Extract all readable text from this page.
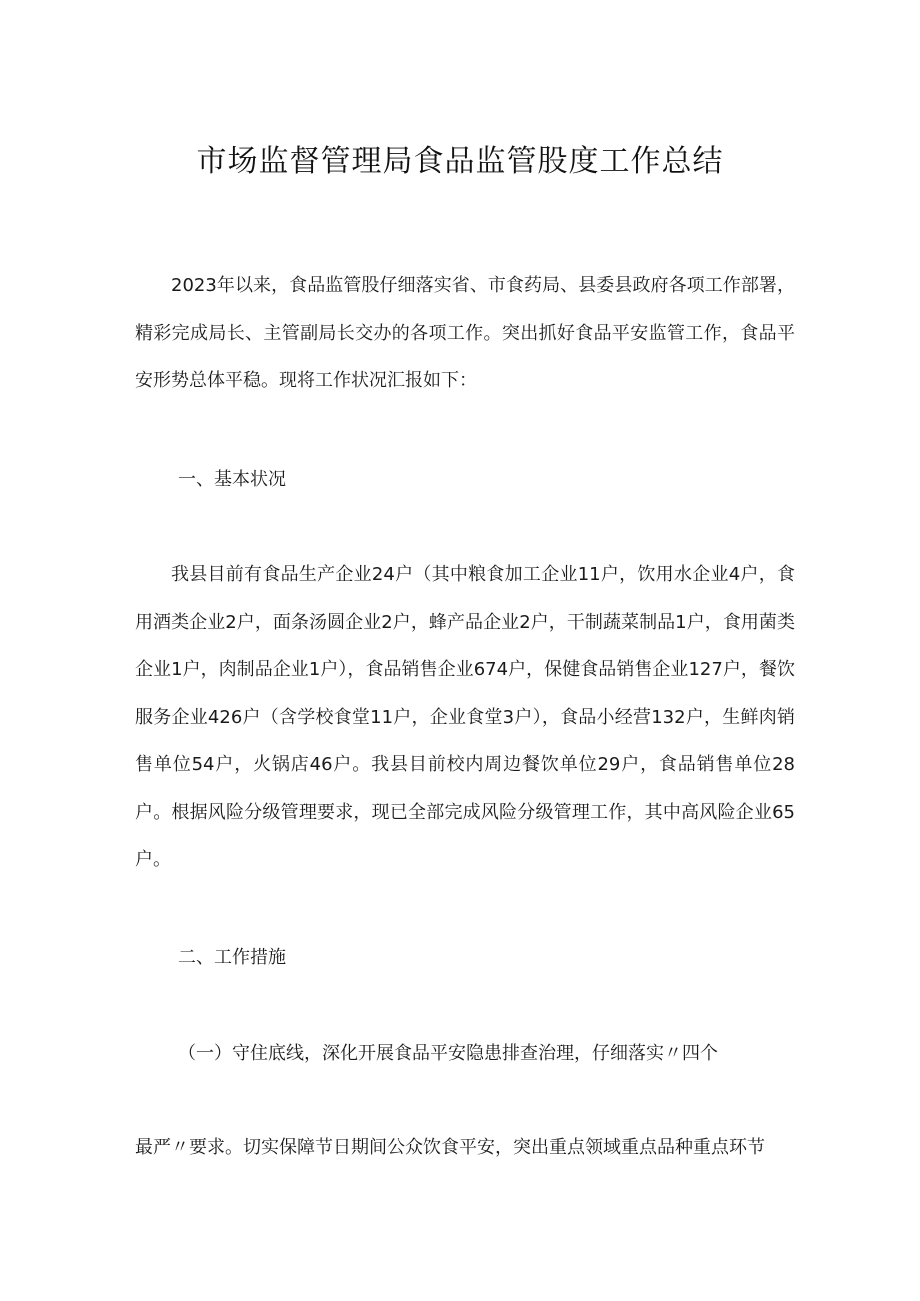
市场监督管理局食品监管股度工作总结

2023年以来，食品监管股仔细落实省、市食药局、县委县政府各项工作部署，精彩完成局长、主管副局长交办的各项工作。突出抓好食品平安监管工作，食品平安形势总体平稳。现将工作状况汇报如下：

一、基本状况

我县目前有食品生产企业24户（其中粮食加工企业11户，饮用水企业4户，食用酒类企业2户，面条汤圆企业2户，蜂产品企业2户，干制蔬菜制品1户，食用菌类企业1户，肉制品企业1户），食品销售企业674户，保健食品销售企业127户，餐饮服务企业426户（含学校食堂11户，企业食堂3户），食品小经营132户，生鲜肉销售单位54户，火锅店46户。我县目前校内周边餐饮单位29户，食品销售单位28户。根据风险分级管理要求，现已全部完成风险分级管理工作，其中高风险企业65户。

二、工作措施

（一）守住底线，深化开展食品平安隐患排查治理，仔细落实〃四个

最严〃要求。切实保障节日期间公众饮食平安，突出重点领域重点品种重点环节
